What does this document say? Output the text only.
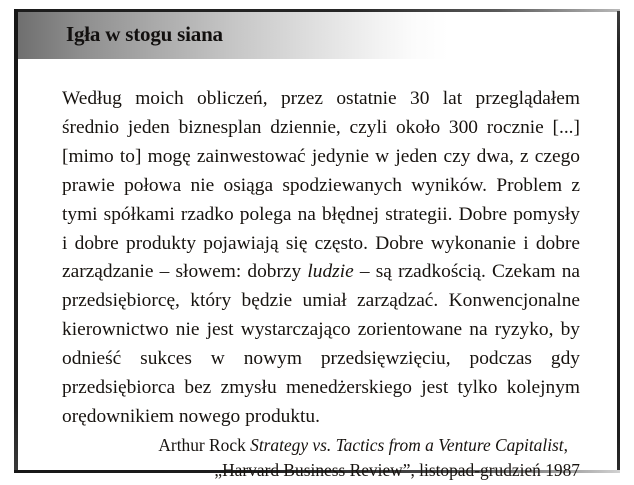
Igła w stogu siana

Według moich obliczeń, przez ostatnie 30 lat przeglądałem średnio jeden biznesplan dziennie, czyli około 300 rocznie [...] [mimo to] mogę zainwestować jedynie w jeden czy dwa, z czego prawie połowa nie osiąga spodziewanych wyników. Problem z tymi spółkami rzadko polega na błędnej strategii. Dobre pomysły i dobre produkty pojawiają się często. Dobre wykonanie i dobre zarządzanie – słowem: dobrzy ludzie – są rzadkością. Czekam na przedsiębiorcę, który będzie umiał zarządzać. Konwencjonalne kierownictwo nie jest wystarczająco zorientowane na ryzyko, by odnieść sukces w nowym przedsięwzięciu, podczas gdy przedsiębiorca bez zmysłu menedżerskiego jest tylko kolejnym orędownikiem nowego produktu.

Arthur Rock Strategy vs. Tactics from a Venture Capitalist,
„Harvard Business Review”, listopad-grudzień 1987
